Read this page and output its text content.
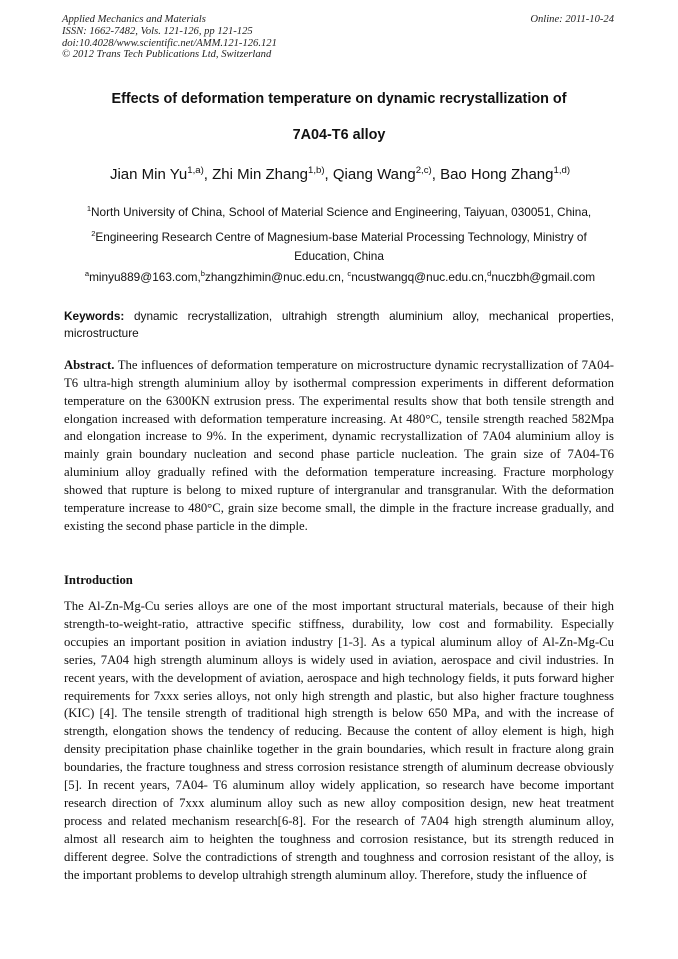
Applied Mechanics and Materials
ISSN: 1662-7482, Vols. 121-126, pp 121-125
doi:10.4028/www.scientific.net/AMM.121-126.121
© 2012 Trans Tech Publications Ltd, Switzerland
Online: 2011-10-24
Effects of deformation temperature on dynamic recrystallization of
7A04-T6 alloy
Jian Min Yu$^{1,a)}$, Zhi Min Zhang$^{1,b)}$, Qiang Wang$^{2,c)}$, Bao Hong Zhang$^{1,d)}$
$^1$North University of China, School of Material Science and Engineering, Taiyuan, 030051, China,
$^2$Engineering Research Centre of Magnesium-base Material Processing Technology, Ministry of Education, China
$^a$minyu889@163.com,$^b$zhangzhimin@nuc.edu.cn, $^c$ncustwangq@nuc.edu.cn,$^d$nuczbh@gmail.com
Keywords: dynamic recrystallization, ultrahigh strength aluminium alloy, mechanical properties, microstructure
Abstract. The influences of deformation temperature on microstructure dynamic recrystallization of 7A04-T6 ultra-high strength aluminium alloy by isothermal compression experiments in different deformation temperature on the 6300KN extrusion press. The experimental results show that both tensile strength and elongation increased with deformation temperature increasing. At 480°C, tensile strength reached 582Mpa and elongation increase to 9%. In the experiment, dynamic recrystallization of 7A04 aluminium alloy is mainly grain boundary nucleation and second phase particle nucleation. The grain size of 7A04-T6 aluminium alloy gradually refined with the deformation temperature increasing. Fracture morphology showed that rupture is belong to mixed rupture of intergranular and transgranular. With the deformation temperature increase to 480°C, grain size become small, the dimple in the fracture increase gradually, and existing the second phase particle in the dimple.
Introduction
The Al-Zn-Mg-Cu series alloys are one of the most important structural materials, because of their high strength-to-weight-ratio, attractive specific stiffness, durability, low cost and formability. Especially occupies an important position in aviation industry [1-3]. As a typical aluminum alloy of Al-Zn-Mg-Cu series, 7A04 high strength aluminum alloys is widely used in aviation, aerospace and civil industries. In recent years, with the development of aviation, aerospace and high technology fields, it puts forward higher requirements for 7xxx series alloys, not only high strength and plastic, but also higher fracture toughness (KIC) [4]. The tensile strength of traditional high strength is below 650 MPa, and with the increase of strength, elongation shows the tendency of reducing. Because the content of alloy element is high, high density precipitation phase chainlike together in the grain boundaries, which result in fracture along grain boundaries, the fracture toughness and stress corrosion resistance strength of aluminum decrease obviously [5]. In recent years, 7A04- T6 aluminum alloy widely application, so research have become important research direction of 7xxx aluminum alloy such as new alloy composition design, new heat treatment process and related mechanism research[6-8]. For the research of 7A04 high strength aluminum alloy, almost all research aim to heighten the toughness and corrosion resistance, but its strength reduced in different degree. Solve the contradictions of strength and toughness and corrosion resistant of the alloy, is the important problems to develop ultrahigh strength aluminum alloy. Therefore, study the influence of
